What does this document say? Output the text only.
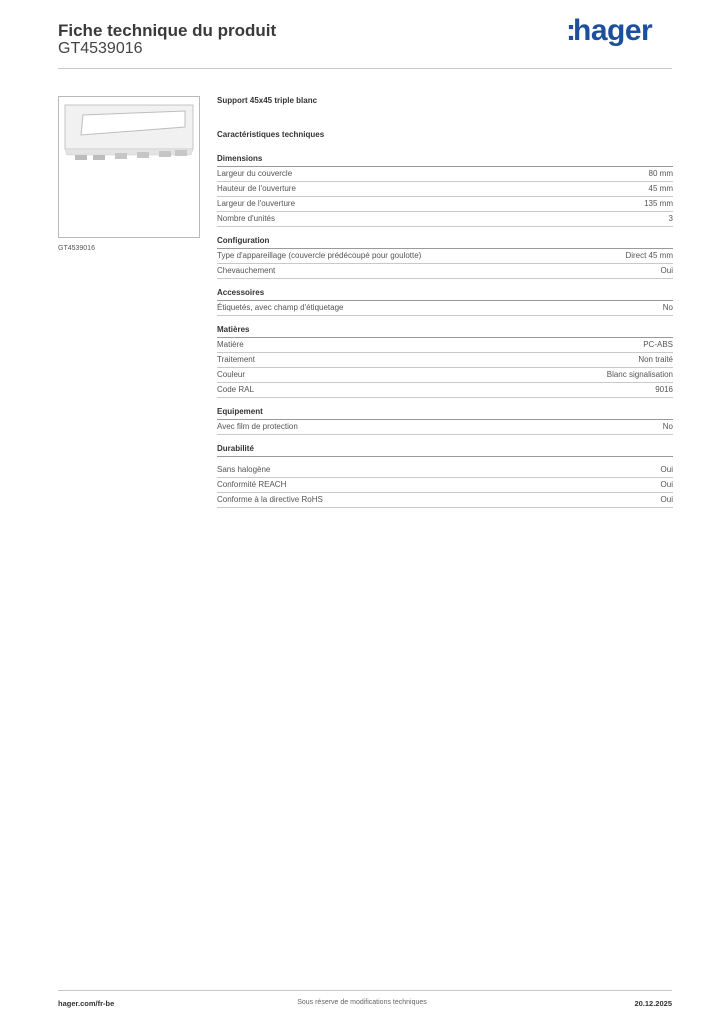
Fiche technique du produit
GT4539016
:hager
GT4539016
Support 45x45 triple blanc
Caractéristiques techniques
Dimensions
Largeur du couvercle	80 mm
Hauteur de l'ouverture	45 mm
Largeur de l'ouverture	135 mm
Nombre d'unités	3
Configuration
Type d'appareillage (couvercle prédécoupé pour goulotte)	Direct 45 mm
Chevauchement	Oui
Accessoires
Étiquetés, avec champ d'étiquetage	No
Matières
Matière	PC-ABS
Traitement	Non traité
Couleur	Blanc signalisation
Code RAL	9016
Equipement
Avec film de protection	No
Durabilité
Sans halogène	Oui
Conformité REACH	Oui
Conforme à la directive RoHS	Oui
hager.com/fr-be	Sous réserve de modifications techniques	20.12.2025
